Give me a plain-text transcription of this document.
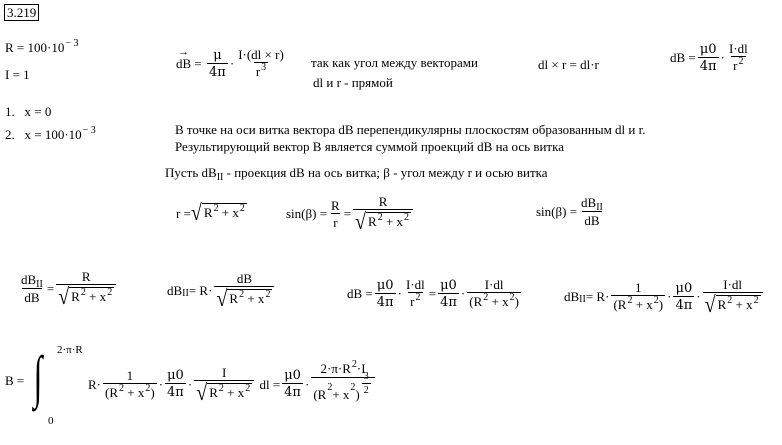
3.219
$R = 100\cdot 10^{- 3}$
I = 1
1. x = 0
2. $x = 100\cdot 10^{- 3}$
→ dB = $\frac{\mu}{4\pi} \cdot \frac{I\cdot(dl \times r)}{r^3}$ так как угол между векторами
dl и r - прямой
dl × r = dl·r	dB = $\frac{\mu 0}{4\pi} \cdot \frac{I\cdot dl}{r^2}$
В точке на оси витка вектора dB перепендикулярны плоскостям образованным dl и r.
Результирующий вектор B является суммой проекций dB на ось витка
Пусть $dB_{II}$ - проекция dB на ось витка; β - угол между r и осью витка
r = √ $R^2 + x^2$	$\sin(\beta) = \frac{R}{r} = \frac{R}{√ R^2 + x^2}$	$\sin(\beta) = \frac{dB_{II}}{dB}$
$\frac{dB_{II}}{dB} = \frac{R}{√ R^2 + x^2}$	dB II = $R\cdot \frac{dB}{√ R^2 + x^2}$	dB = $\frac{\mu 0}{4\pi} \cdot \frac{I\cdot dl}{r^2} = \frac{\mu 0}{4\pi} \cdot \frac{I\cdot dl}{(R^2 + x^2)}$	dB II = $R\cdot \frac{1}{(R^2 + x^2)} \cdot \frac{\mu 0}{4\pi} \cdot \frac{I\cdot dl}{√ R^2 + x^2}$
B = ∫	2·π·R
0
$R\cdot \frac{1}{(R^2 + x^2)} \cdot \frac{\mu 0}{4\pi} \cdot \frac{I}{√ R^2 + x^2}$
dl = $\frac{\mu 0}{4\pi} \cdot \frac{2\cdot\pi\cdot R^2\cdot I}{(R 2 + x 2 ) \frac{3}{2}}$
